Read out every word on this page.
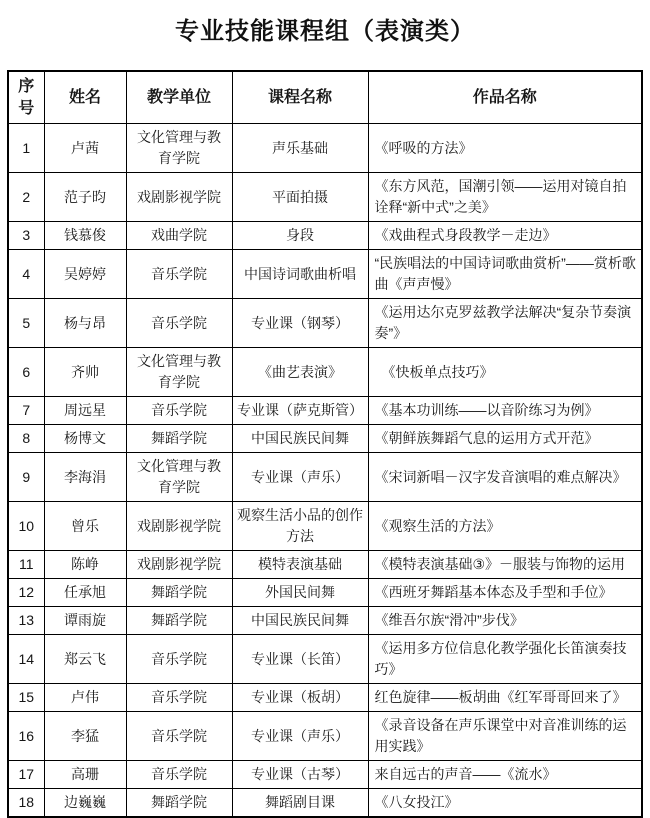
专业技能课程组（表演类）
序号	姓名	教学单位	课程名称	作品名称
1	卢茜	文化管理与教育学院	声乐基础	《呼吸的方法》
2	范子昀	戏剧影视学院	平面拍摄	《东方风范，国潮引领——运用对镜自拍诠释“新中式”之美》
3	钱慕俊	戏曲学院	身段	《戏曲程式身段教学－走边》
4	吴婷婷	音乐学院	中国诗词歌曲析唱	“民族唱法的中国诗词歌曲赏析”——赏析歌曲《声声慢》
5	杨与昂	音乐学院	专业课（钢琴）	《运用达尔克罗兹教学法解决“复杂节奏演奏”》
6	齐帅	文化管理与教育学院	《曲艺表演》	　《快板单点技巧》
7	周远星	音乐学院	专业课（萨克斯管）	《基本功训练——以音阶练习为例》
8	杨博文	舞蹈学院	中国民族民间舞	《朝鲜族舞蹈气息的运用方式开范》
9	李海涓	文化管理与教育学院	专业课（声乐）	《宋词新唱－汉字发音演唱的难点解决》
10	曾乐	戏剧影视学院	观察生活小品的创作方法	《观察生活的方法》
11	陈峥	戏剧影视学院	模特表演基础	《模特表演基础③》－服装与饰物的运用
12	任承旭	舞蹈学院	外国民间舞	《西班牙舞蹈基本体态及手型和手位》
13	谭雨旋	舞蹈学院	中国民族民间舞	《维吾尔族“滑冲”步伐》
14	郑云飞	音乐学院	专业课（长笛）	《运用多方位信息化教学强化长笛演奏技巧》
15	卢伟	音乐学院	专业课（板胡）	红色旋律——板胡曲《红军哥哥回来了》
16	李猛	音乐学院	专业课（声乐）	《录音设备在声乐课堂中对音准训练的运用实践》
17	高珊	音乐学院	专业课（古琴）	来自远古的声音——《流水》
18	边巍巍	舞蹈学院	舞蹈剧目课	《八女投江》
